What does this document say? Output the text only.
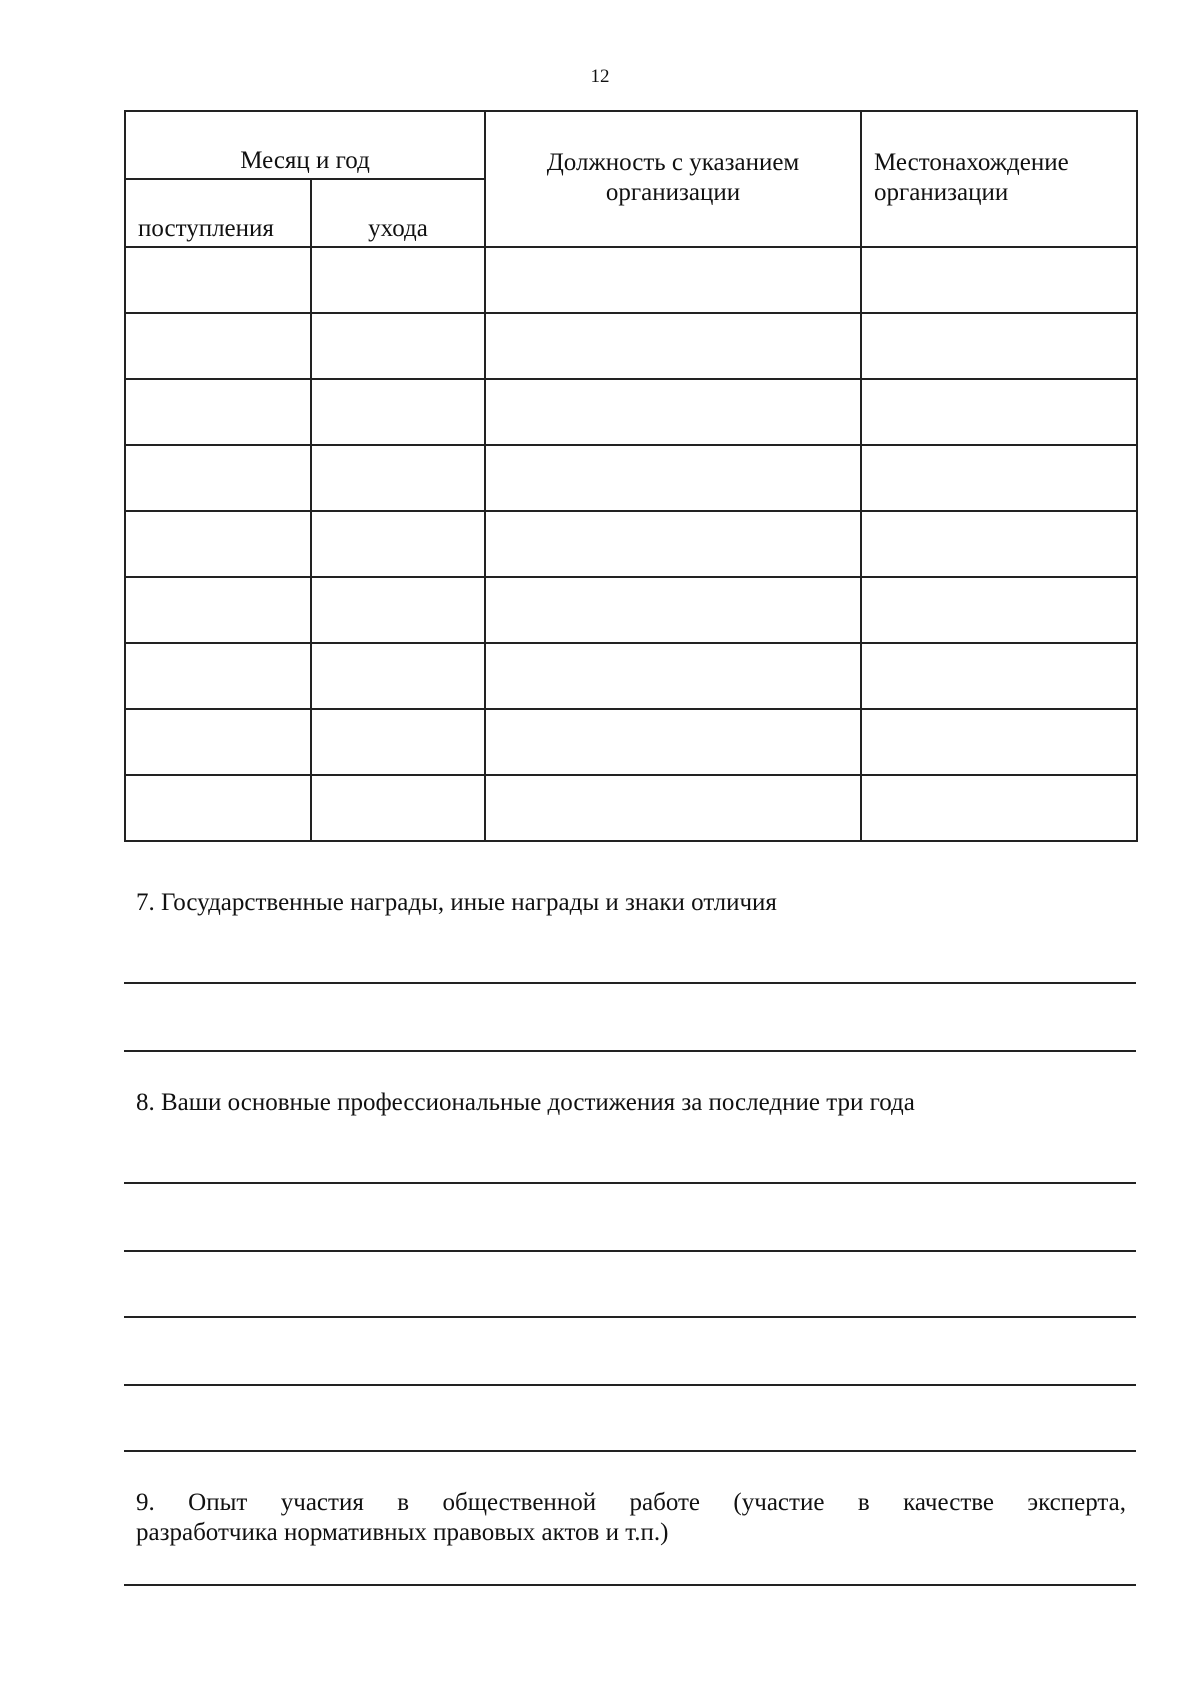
12
Месяц и год		Должность с указанием организации	Местонахождение организации
поступления	ухода		

7. Государственные награды, иные награды и знаки отличия
8. Ваши основные профессиональные достижения за последние три года
9. Опыт участия в общественной работе (участие в качестве эксперта,
разработчика нормативных правовых актов и т.п.)
